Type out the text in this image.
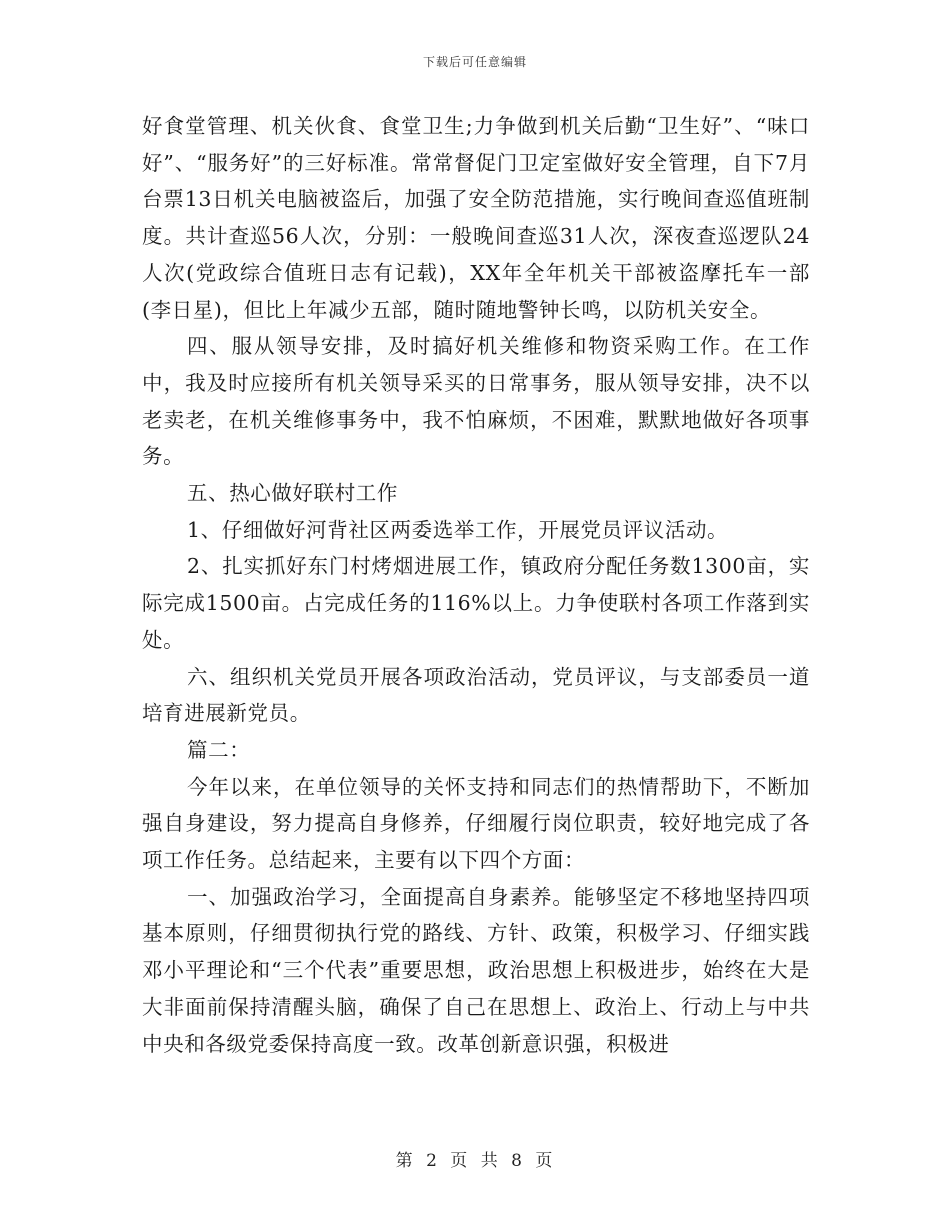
下载后可任意编辑

好食堂管理、机关伙食、食堂卫生;力争做到机关后勤“卫生好”、“味口好”、“服务好”的三好标准。常常督促门卫定室做好安全管理，自下7月台票13日机关电脑被盗后，加强了安全防范措施，实行晚间查巡值班制度。共计查巡56人次，分别：一般晚间查巡31人次，深夜查巡逻队24人次(党政综合值班日志有记载)，XX年全年机关干部被盗摩托车一部(李日星)，但比上年减少五部，随时随地警钟长鸣，以防机关安全。

四、服从领导安排，及时搞好机关维修和物资采购工作。在工作中，我及时应接所有机关领导采买的日常事务，服从领导安排，决不以老卖老，在机关维修事务中，我不怕麻烦，不困难，默默地做好各项事务。

五、热心做好联村工作

1、仔细做好河背社区两委选举工作，开展党员评议活动。

2、扎实抓好东门村烤烟进展工作，镇政府分配任务数1300亩，实际完成1500亩。占完成任务的116%以上。力争使联村各项工作落到实处。

六、组织机关党员开展各项政治活动，党员评议，与支部委员一道培育进展新党员。

篇二：

今年以来，在单位领导的关怀支持和同志们的热情帮助下，不断加强自身建设，努力提高自身修养，仔细履行岗位职责，较好地完成了各项工作任务。总结起来，主要有以下四个方面：

一、加强政治学习，全面提高自身素养。能够坚定不移地坚持四项基本原则，仔细贯彻执行党的路线、方针、政策，积极学习、仔细实践邓小平理论和“三个代表”重要思想，政治思想上积极进步，始终在大是大非面前保持清醒头脑，确保了自己在思想上、政治上、行动上与中共中央和各级党委保持高度一致。改革创新意识强，积极进

第 2 页 共 8 页
